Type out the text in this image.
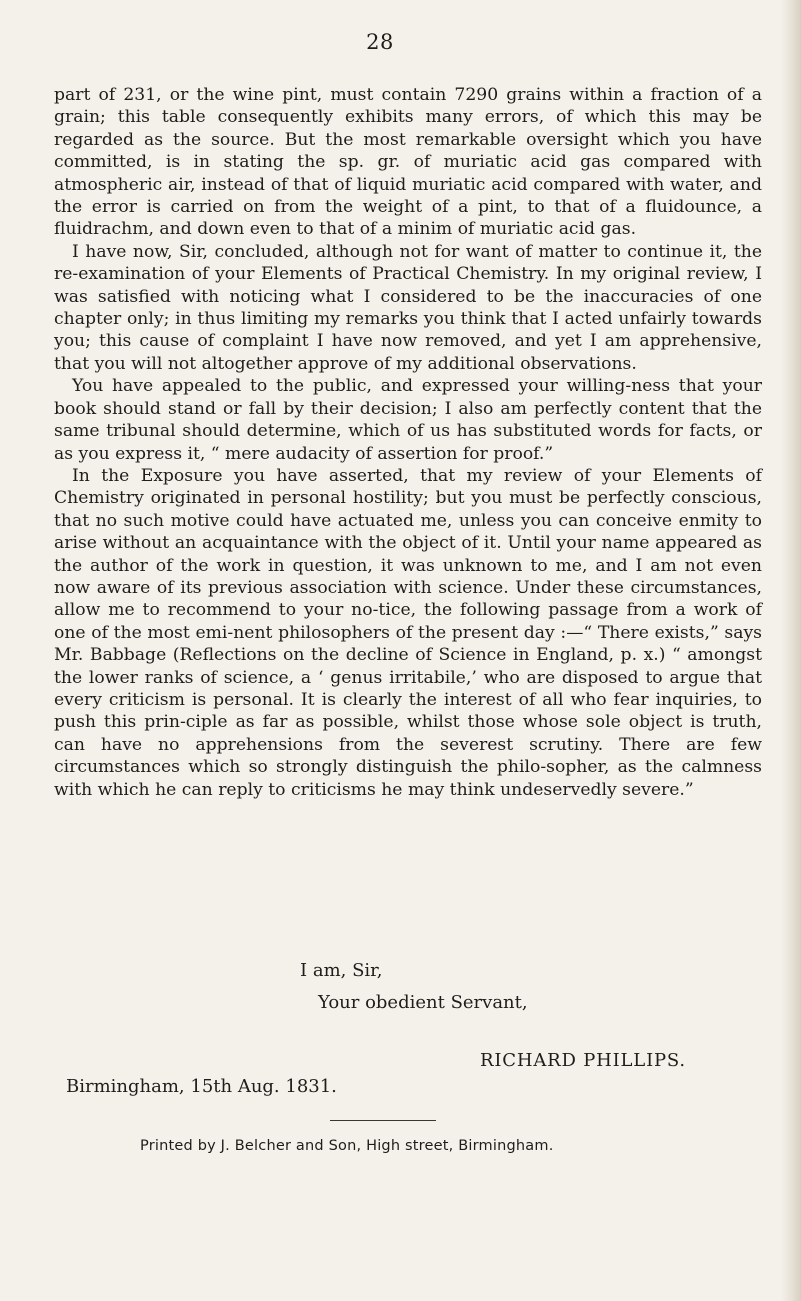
28

part of 231, or the wine pint, must contain 7290 grains within a fraction of a grain; this table consequently exhibits many errors, of which this may be regarded as the source. But the most remarkable oversight which you have committed, is in stating the sp. gr. of muriatic acid gas compared with atmospheric air, instead of that of liquid muriatic acid compared with water, and the error is carried on from the weight of a pint, to that of a fluidounce, a fluidrachm, and down even to that of a minim of muriatic acid gas.

I have now, Sir, concluded, although not for want of matter to continue it, the re-examination of your Elements of Practical Chemistry. In my original review, I was satisfied with noticing what I considered to be the inaccuracies of one chapter only; in thus limiting my remarks you think that I acted unfairly towards you; this cause of complaint I have now removed, and yet I am apprehensive, that you will not altogether approve of my additional observations.

You have appealed to the public, and expressed your willing-ness that your book should stand or fall by their decision; I also am perfectly content that the same tribunal should determine, which of us has substituted words for facts, or as you express it, “ mere audacity of assertion for proof.”

In the Exposure you have asserted, that my review of your Elements of Chemistry originated in personal hostility; but you must be perfectly conscious, that no such motive could have actuated me, unless you can conceive enmity to arise without an acquaintance with the object of it. Until your name appeared as the author of the work in question, it was unknown to me, and I am not even now aware of its previous association with science. Under these circumstances, allow me to recommend to your no-tice, the following passage from a work of one of the most emi-nent philosophers of the present day :—“ There exists,” says Mr. Babbage (Reflections on the decline of Science in England, p. x.) “ amongst the lower ranks of science, a ‘ genus irritabile,’ who are disposed to argue that every criticism is personal. It is clearly the interest of all who fear inquiries, to push this prin-ciple as far as possible, whilst those whose sole object is truth, can have no apprehensions from the severest scrutiny. There are few circumstances which so strongly distinguish the philo-sopher, as the calmness with which he can reply to criticisms he may think undeservedly severe.”

I am, Sir,
Your obedient Servant,
RICHARD PHILLIPS.
Birmingham, 15th Aug. 1831.
Printed by J. Belcher and Son, High street, Birmingham.
